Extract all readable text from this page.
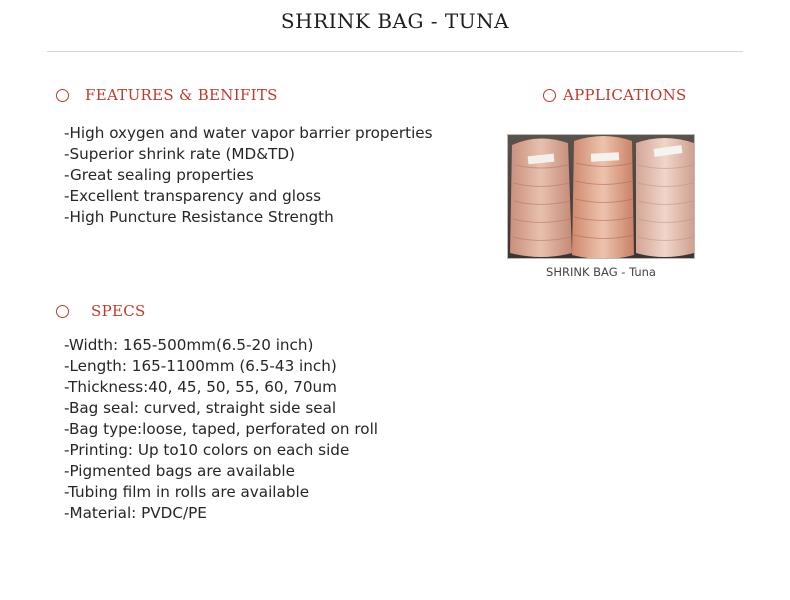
SHRINK BAG - TUNA
FEATURES & BENIFITS
-High oxygen and water vapor barrier properties
-Superior shrink rate (MD&TD)
-Great sealing properties
-Excellent transparency and gloss
-High Puncture Resistance Strength
APPLICATIONS
SHRINK BAG - Tuna
SPECS
-Width: 165-500mm(6.5-20 inch)
-Length: 165-1100mm (6.5-43 inch)
-Thickness:40, 45, 50, 55, 60, 70um
-Bag seal: curved, straight side seal
-Bag type:loose, taped, perforated on roll
-Printing: Up to10 colors on each side
-Pigmented bags are available
-Tubing film in rolls are available
-Material: PVDC/PE
